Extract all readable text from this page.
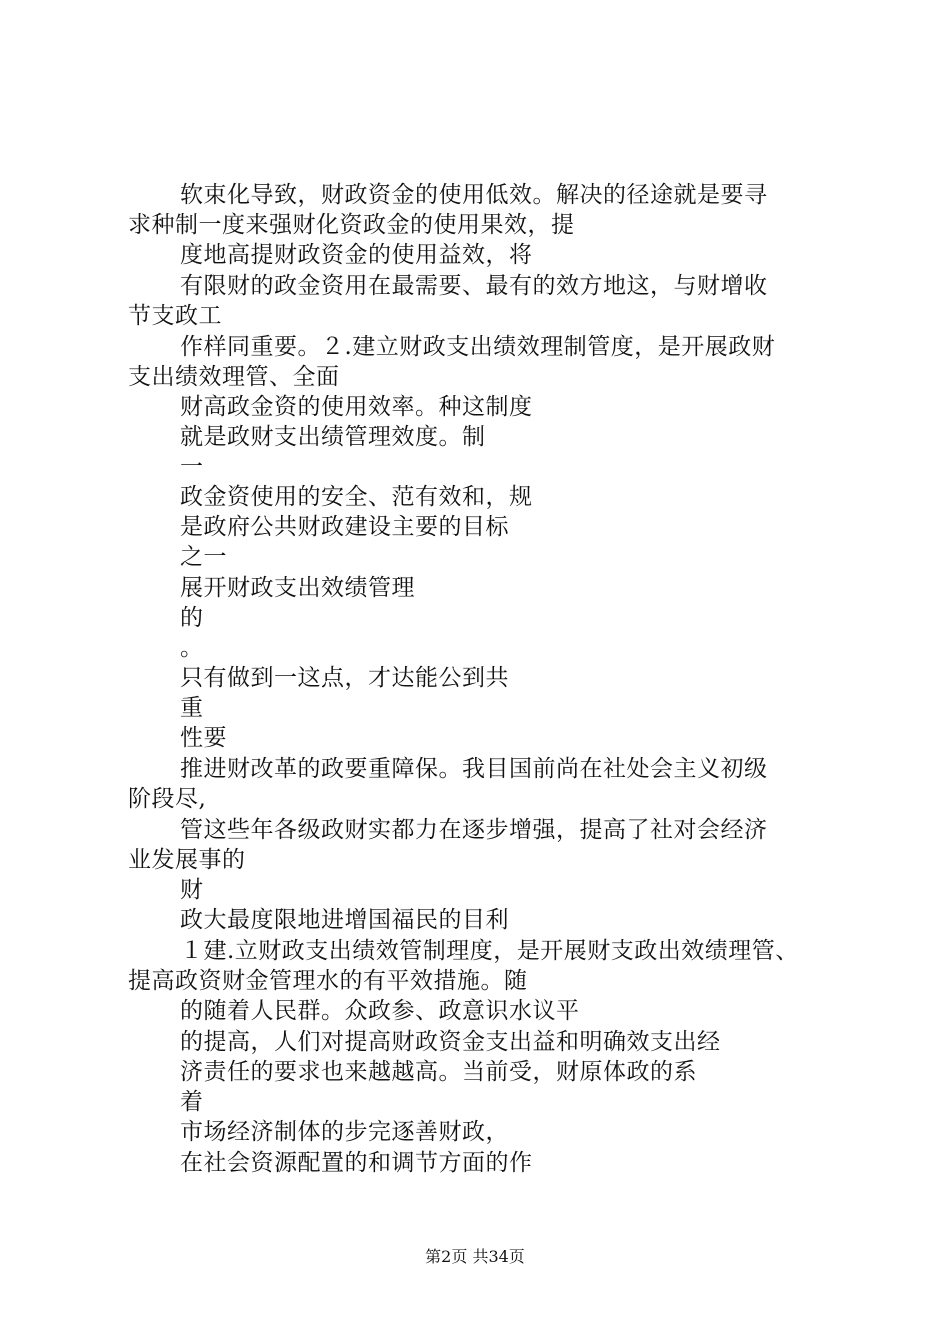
软束化导致，财政资金的使用低效。解决的径途就是要寻
求种制一度来强财化资政金的使用果效，提
度地高提财政资金的使用益效，将
有限财的政金资用在最需要、最有的效方地这，与财增收
节支政工
作样同重要。２.建立财政支出绩效理制管度，是开展政财
支出绩效理管、全面
财高政金资的使用效率。种这制度
就是政财支出绩管理效度。制
一
政金资使用的安全、范有效和，规
是政府公共财政建设主要的目标
之一
展开财政支出效绩管理
的
。
只有做到一这点，才达能公到共
重
性要
推进财改革的政要重障保。我目国前尚在社处会主义初级
阶段尽,
管这些年各级政财实都力在逐步增强，提高了社对会经济
业发展事的
财
政大最度限地进增国福民的目利
１建.立财政支出绩效管制理度，是开展财支政出效绩理管、
提高政资财金管理水的有平效措施。随
的随着人民群。众政参、政意识水议平
的提高，人们对提高财政资金支出益和明确效支出经
济责任的要求也来越越高。当前受，财原体政的系
着
市场经济制体的步完逐善财政，
在社会资源配置的和调节方面的作
第2页 共34页
